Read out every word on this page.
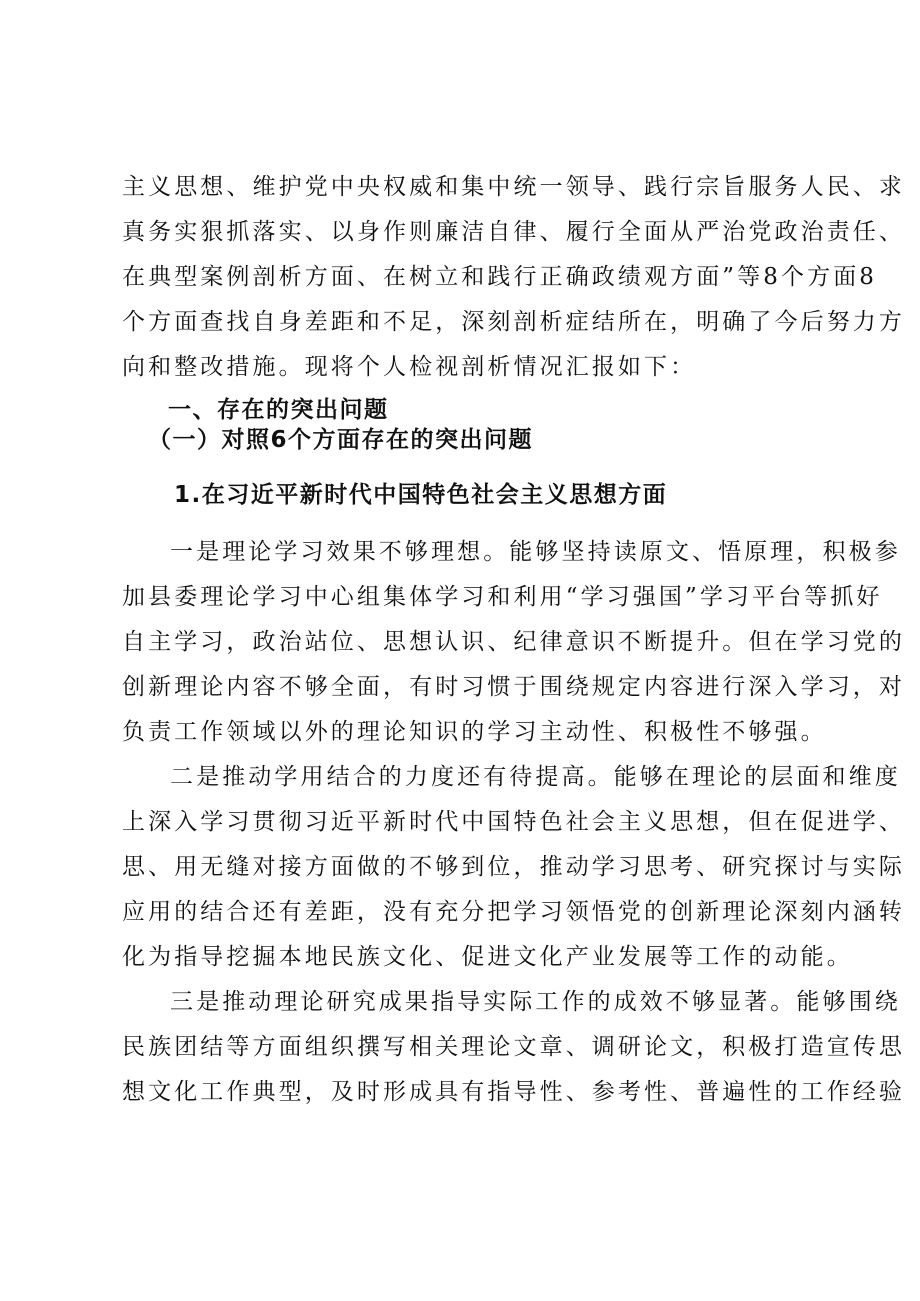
主义思想、维护党中央权威和集中统一领导、践行宗旨服务人民、求
真务实狠抓落实、以身作则廉洁自律、履行全面从严治党政治责任、
在典型案例剖析方面、在树立和践行正确政绩观方面”等8个方面8
个方面查找自身差距和不足，深刻剖析症结所在，明确了今后努力方
向和整改措施。现将个人检视剖析情况汇报如下：
一、存在的突出问题
（一）对照6个方面存在的突出问题
1.在习近平新时代中国特色社会主义思想方面
一是理论学习效果不够理想。能够坚持读原文、悟原理，积极参
加县委理论学习中心组集体学习和利用“学习强国”学习平台等抓好
自主学习，政治站位、思想认识、纪律意识不断提升。但在学习党的
创新理论内容不够全面，有时习惯于围绕规定内容进行深入学习，对
负责工作领域以外的理论知识的学习主动性、积极性不够强。
二是推动学用结合的力度还有待提高。能够在理论的层面和维度
上深入学习贯彻习近平新时代中国特色社会主义思想，但在促进学、
思、用无缝对接方面做的不够到位，推动学习思考、研究探讨与实际
应用的结合还有差距，没有充分把学习领悟党的创新理论深刻内涵转
化为指导挖掘本地民族文化、促进文化产业发展等工作的动能。
三是推动理论研究成果指导实际工作的成效不够显著。能够围绕
民族团结等方面组织撰写相关理论文章、调研论文，积极打造宣传思
想文化工作典型，及时形成具有指导性、参考性、普遍性的工作经验
